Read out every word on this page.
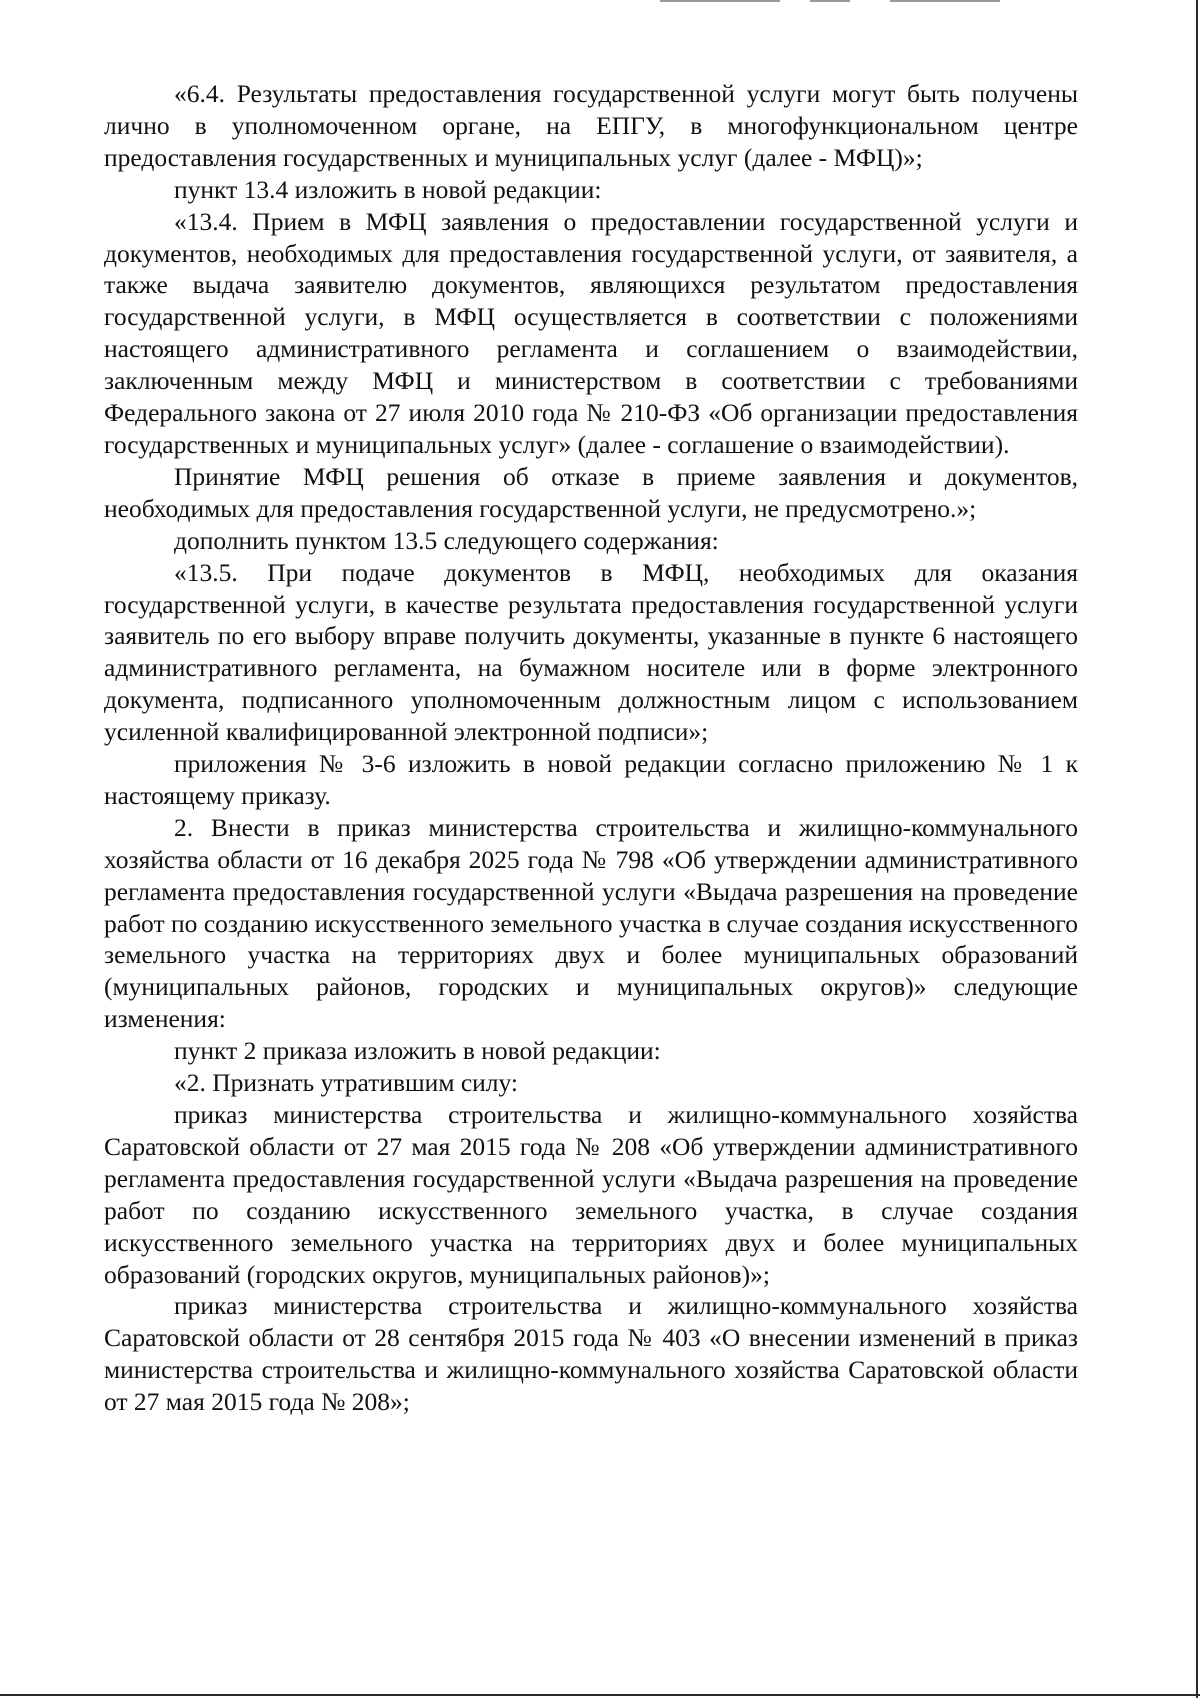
«6.4. Результаты предоставления государственной услуги могут быть получены лично в уполномоченном органе, на ЕПГУ, в многофункциональном центре предоставления государственных и муниципальных услуг (далее - МФЦ)»;

пункт 13.4 изложить в новой редакции:

«13.4. Прием в МФЦ заявления о предоставлении государственной услуги и документов, необходимых для предоставления государственной услуги, от заявителя, а также выдача заявителю документов, являющихся результатом предоставления государственной услуги, в МФЦ осуществляется в соответствии с положениями настоящего административного регламента и соглашением о взаимодействии, заключенным между МФЦ и министерством в соответствии с требованиями Федерального закона от 27 июля 2010 года № 210-ФЗ «Об организации предоставления государственных и муниципальных услуг» (далее - соглашение о взаимодействии).

Принятие МФЦ решения об отказе в приеме заявления и документов, необходимых для предоставления государственной услуги, не предусмотрено.»;

дополнить пунктом 13.5 следующего содержания:

«13.5. При подаче документов в МФЦ, необходимых для оказания государственной услуги, в качестве результата предоставления государственной услуги заявитель по его выбору вправе получить документы, указанные в пункте 6 настоящего административного регламента, на бумажном носителе или в форме электронного документа, подписанного уполномоченным должностным лицом с использованием усиленной квалифицированной электронной подписи»;

приложения № 3-6 изложить в новой редакции согласно приложению № 1 к настоящему приказу.

2. Внести в приказ министерства строительства и жилищно-коммунального хозяйства области от 16 декабря 2025 года № 798 «Об утверждении административного регламента предоставления государственной услуги «Выдача разрешения на проведение работ по созданию искусственного земельного участка в случае создания искусственного земельного участка на территориях двух и более муниципальных образований (муниципальных районов, городских и муниципальных округов)» следующие изменения:

пункт 2 приказа изложить в новой редакции:

«2. Признать утратившим силу:

приказ министерства строительства и жилищно-коммунального хозяйства Саратовской области от 27 мая 2015 года № 208 «Об утверждении административного регламента предоставления государственной услуги «Выдача разрешения на проведение работ по созданию искусственного земельного участка, в случае создания искусственного земельного участка на территориях двух и более муниципальных образований (городских округов, муниципальных районов)»;

приказ министерства строительства и жилищно-коммунального хозяйства Саратовской области от 28 сентября 2015 года № 403 «О внесении изменений в приказ министерства строительства и жилищно-коммунального хозяйства Саратовской области от 27 мая 2015 года № 208»;
